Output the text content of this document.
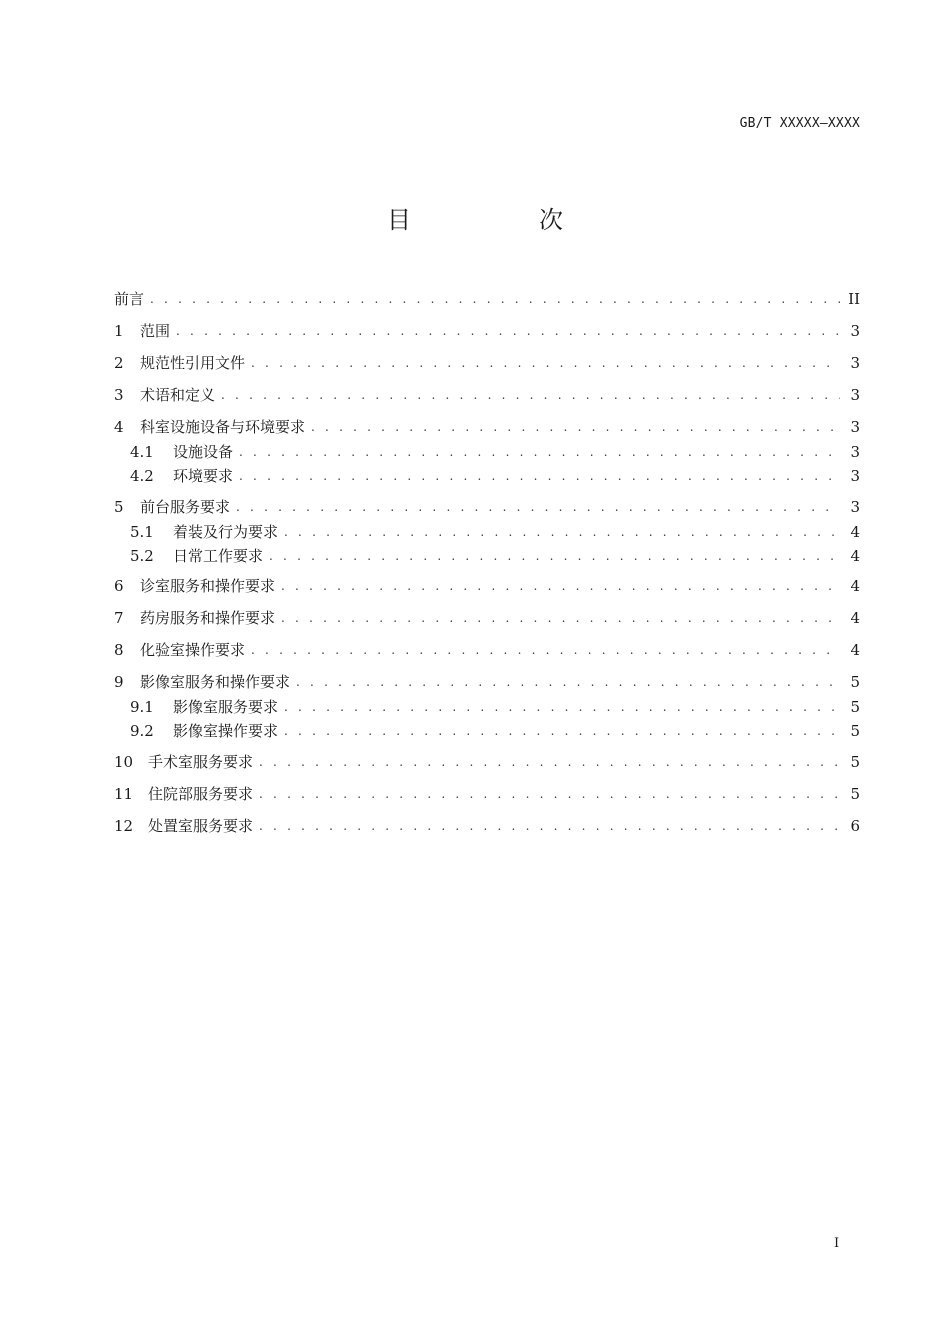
GB/T XXXXX—XXXX
目　次
前言 . . .	II
1	范围 . . .	3
2	规范性引用文件 . . .	3
3	术语和定义 . . .	3
4	科室设施设备与环境要求 . . .	3
4.1	设施设备 . . .	3
4.2	环境要求 . . .	3
5	前台服务要求 . . .	3
5.1	着装及行为要求 . . .	4
5.2	日常工作要求 . . .	4
6	诊室服务和操作要求 . . .	4
7	药房服务和操作要求 . . .	4
8	化验室操作要求 . . .	4
9	影像室服务和操作要求 . . .	5
9.1	影像室服务要求 . . .	5
9.2	影像室操作要求 . . .	5
10 手术室服务要求 . . .	5
11 住院部服务要求 . . .	5
12 处置室服务要求 . . .	6
I
